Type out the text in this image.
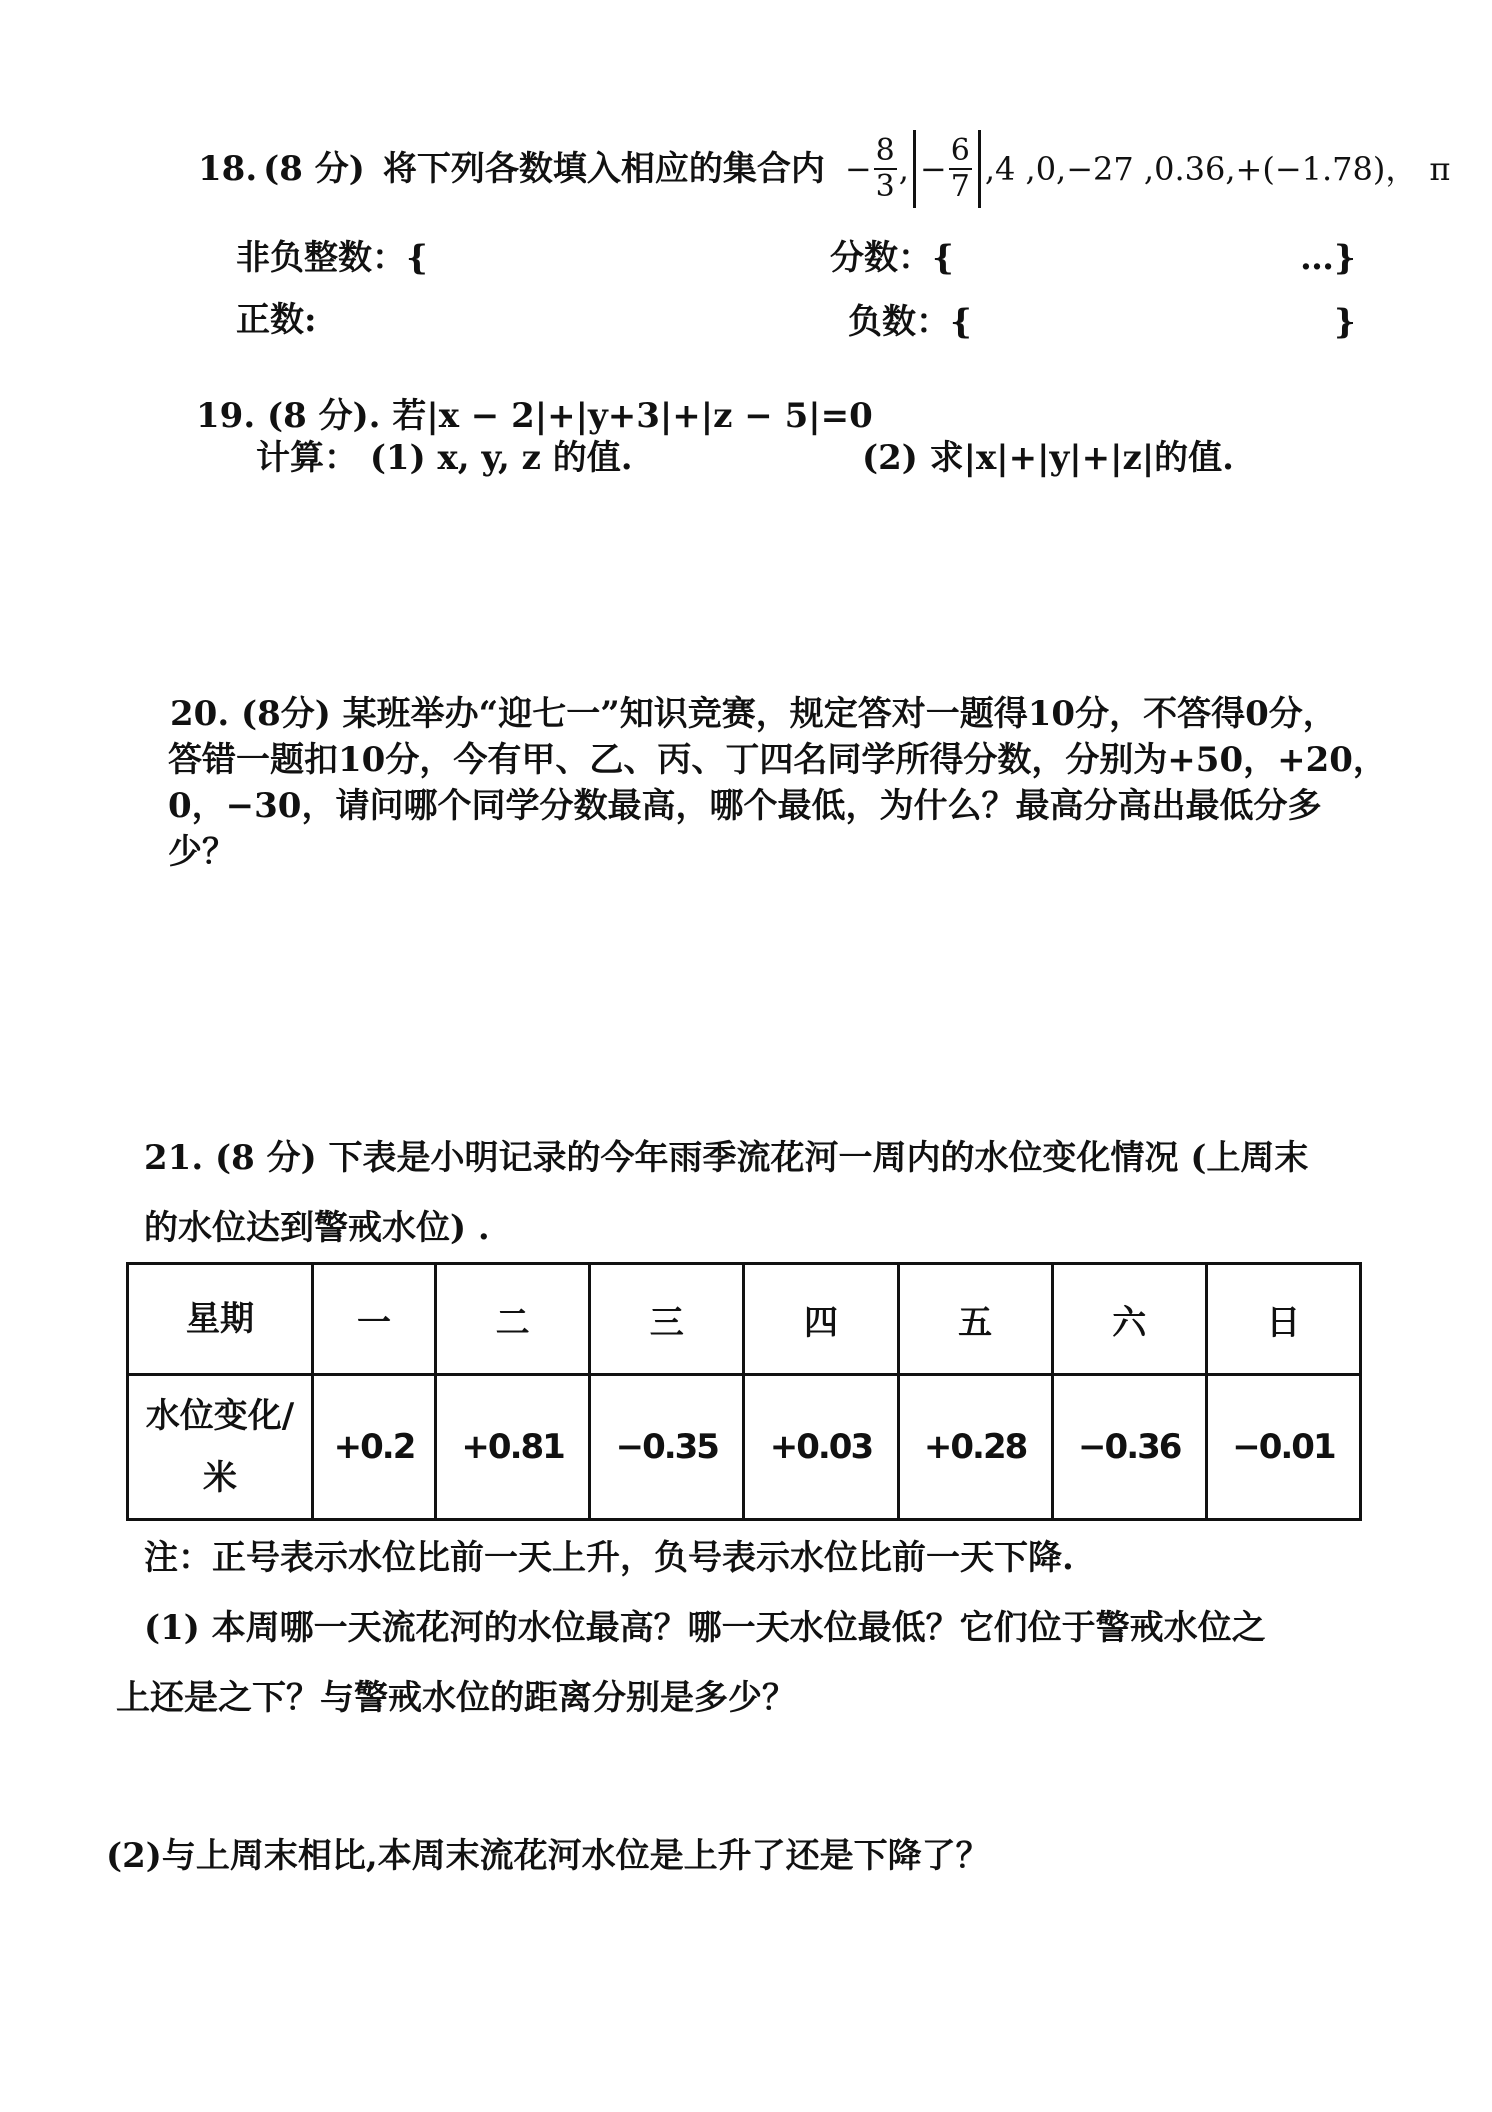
18. (8 分) 将下列各数填入相应的集合内 − $\frac{8}{3}$ , − $\frac{6}{7} ,4$ ,0,−27 ,0.36,+(−1.78)， π
非负整数：{	分数：{	…}
正数:	负数：{	}
19. (8 分). 若|x − 2|+|y+3|+|z − 5|=0
计算： (1) x, y, z 的值.	(2) 求|x|+|y|+|z|的值.
20. (8分) 某班举办“迎七一”知识竞赛，规定答对一题得10分，不答得0分，
答错一题扣10分，今有甲、乙、丙、丁四名同学所得分数，分别为+50，+20，
0，−30，请问哪个同学分数最高，哪个最低，为什么？最高分高出最低分多
少？
21. (8 分) 下表是小明记录的今年雨季流花河一周内的水位变化情况 (上周末
的水位达到警戒水位) .
星期	一	二	三	四	五	六	日
水位变化/米	+0.2	+0.81	−0.35	+0.03	+0.28	−0.36	−0.01
注：正号表示水位比前一天上升，负号表示水位比前一天下降.
(1) 本周哪一天流花河的水位最高？哪一天水位最低？它们位于警戒水位之
上还是之下？与警戒水位的距离分别是多少？
(2)与上周末相比,本周末流花河水位是上升了还是下降了？
